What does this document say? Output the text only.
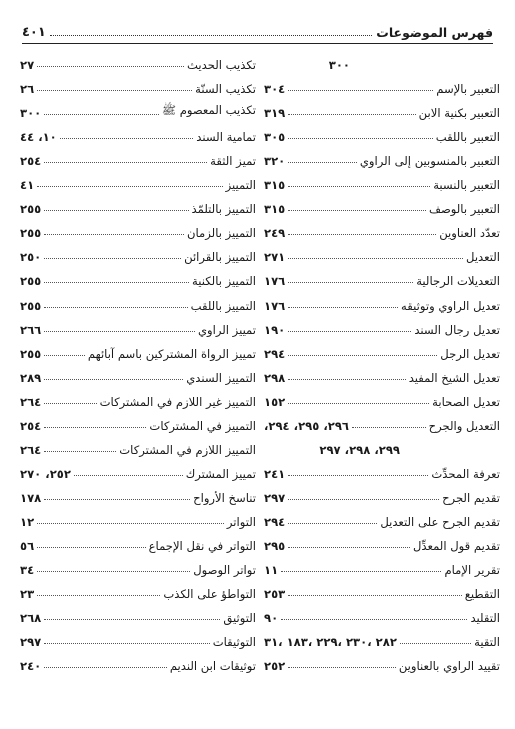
فهرس الموضوعات
٤٠١
٣٠٠
التعبير بالإسم
٣٠٤
التعبير بكنية الابن
٣١٩
التعبير باللقب
٣٠٥
التعبير بالمنسوبين إلى الراوي
٣٢٠
التعبير بالنسبة
٣١٥
التعبير بالوصف
٣١٥
تعدّد العناوين
٢٤٩
التعديل
٢٧١
التعديلات الرجالية
١٧٦
تعديل الراوي وتوثيقه
١٧٦
تعديل رجال السند
١٩٠
تعديل الرجل
٢٩٤
تعديل الشيخ المفيد
٢٩٨
تعديل الصحابة
١٥٢
التعديل والجرح
٢٩٦، ٢٩٥، ٢٩٤،
٢٩٩، ٢٩٨، ٢٩٧
تعرفة المحدِّث
٢٤١
تقديم الجرح
٢٩٧
تقديم الجرح على التعديل
٢٩٤
تقديم قول المعدِّل
٢٩٥
تقرير الإمام
١١
التقطيع
٢٥٣
التقليد
٩٠
التقية
٢٨٢ ،٢٣٠ ،٢٢٩ ،١٨٣ ،٣١
تقييد الراوي بالعناوين
٢٥٢
تكذيب الحديث
٢٧
تكذيب السنّة
٢٦
تكذيب المعصوم ﷺ
٣٠٠
تمامية السند
١٠، ٤٤
تميز الثقة
٢٥٤
التمييز
٤١
التمييز بالتلمّذ
٢٥٥
التمييز بالزمان
٢٥٥
التمييز بالقرائن
٢٥٠
التمييز بالكنية
٢٥٥
التمييز باللقب
٢٥٥
تمييز الراوي
٢٦٦
تمييز الرواة المشتركين باسم آبائهم
٢٥٥
التمييز السندي
٢٨٩
التمييز غير اللازم في المشتركات
٢٦٤
التمييز في المشتركات
٢٥٤
التمييز اللازم في المشتركات
٢٦٤
تمييز المشترك
٢٥٢، ٢٧٠
تناسخ الأرواح
١٧٨
التواتر
١٢
التواتر في نقل الإجماع
٥٦
تواتر الوصول
٣٤
التواطؤ على الكذب
٢٣
التوثيق
٢٦٨
التوثيقات
٢٩٧
توثيقات ابن النديم
٢٤٠
